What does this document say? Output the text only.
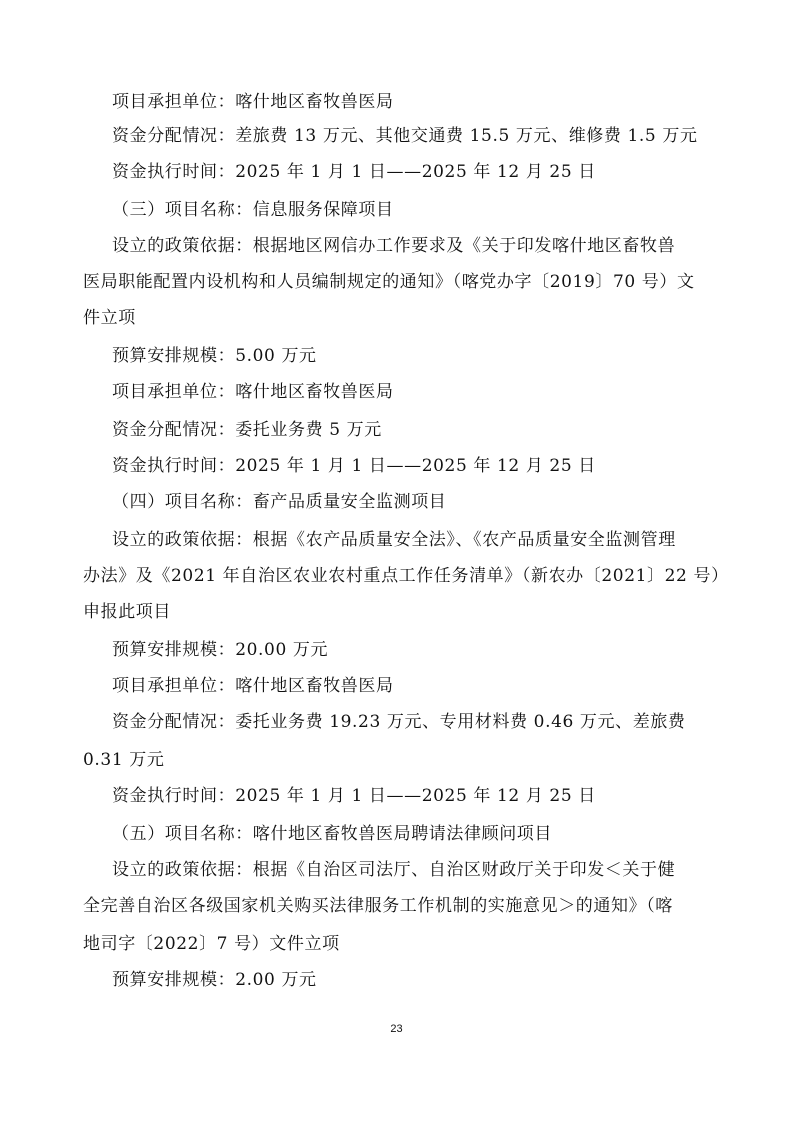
项目承担单位：喀什地区畜牧兽医局
资金分配情况：差旅费 13 万元、其他交通费 15.5 万元、维修费 1.5 万元
资金执行时间：2025 年 1 月 1 日——2025 年 12 月 25 日
（三）项目名称：信息服务保障项目
设立的政策依据：根据地区网信办工作要求及《关于印发喀什地区畜牧兽
医局职能配置内设机构和人员编制规定的通知》（喀党办字〔2019〕70 号）文
件立项
预算安排规模：5.00 万元
项目承担单位：喀什地区畜牧兽医局
资金分配情况：委托业务费 5 万元
资金执行时间：2025 年 1 月 1 日——2025 年 12 月 25 日
（四）项目名称：畜产品质量安全监测项目
设立的政策依据：根据《农产品质量安全法》、《农产品质量安全监测管理
办法》及《2021 年自治区农业农村重点工作任务清单》（新农办〔2021〕22 号）
申报此项目
预算安排规模：20.00 万元
项目承担单位：喀什地区畜牧兽医局
资金分配情况：委托业务费 19.23 万元、专用材料费 0.46 万元、差旅费
0.31 万元
资金执行时间：2025 年 1 月 1 日——2025 年 12 月 25 日
（五）项目名称：喀什地区畜牧兽医局聘请法律顾问项目
设立的政策依据：根据《自治区司法厅、自治区财政厅关于印发＜关于健
全完善自治区各级国家机关购买法律服务工作机制的实施意见＞的通知》（喀
地司字〔2022〕7 号）文件立项
预算安排规模：2.00 万元
23
